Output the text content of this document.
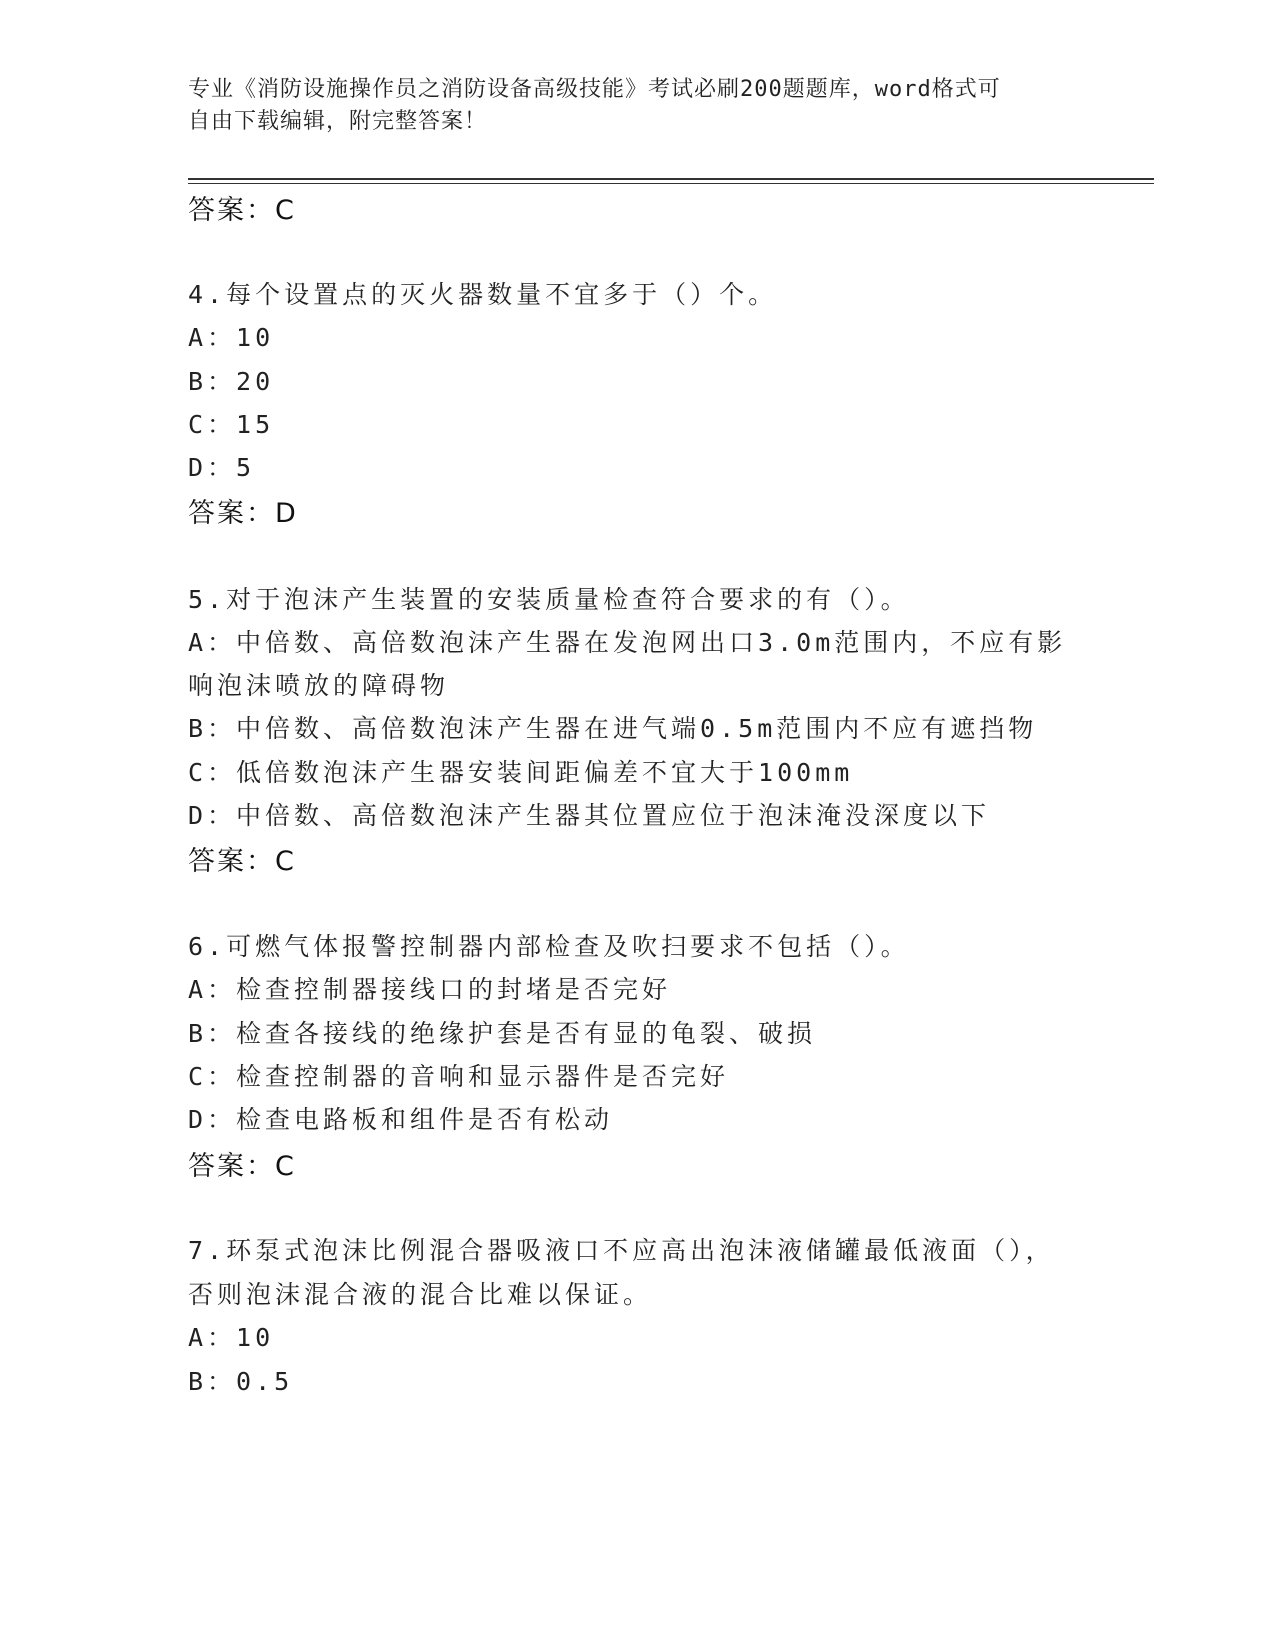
专业《消防设施操作员之消防设备高级技能》考试必刷200题题库，word格式可
自由下载编辑，附完整答案！
答案：C
4.每个设置点的灭火器数量不宜多于（）个。
A：10
B：20
C：15
D：5
答案：D
5.对于泡沫产生装置的安装质量检查符合要求的有（）。
A：中倍数、高倍数泡沫产生器在发泡网出口3.0m范围内，不应有影
响泡沫喷放的障碍物
B：中倍数、高倍数泡沫产生器在进气端0.5m范围内不应有遮挡物
C：低倍数泡沫产生器安装间距偏差不宜大于100mm
D：中倍数、高倍数泡沫产生器其位置应位于泡沫淹没深度以下
答案：C
6.可燃气体报警控制器内部检查及吹扫要求不包括（）。
A：检查控制器接线口的封堵是否完好
B：检查各接线的绝缘护套是否有显的龟裂、破损
C：检查控制器的音响和显示器件是否完好
D：检查电路板和组件是否有松动
答案：C
7.环泵式泡沫比例混合器吸液口不应高出泡沫液储罐最低液面（），
否则泡沫混合液的混合比难以保证。
A：10
B：0.5
